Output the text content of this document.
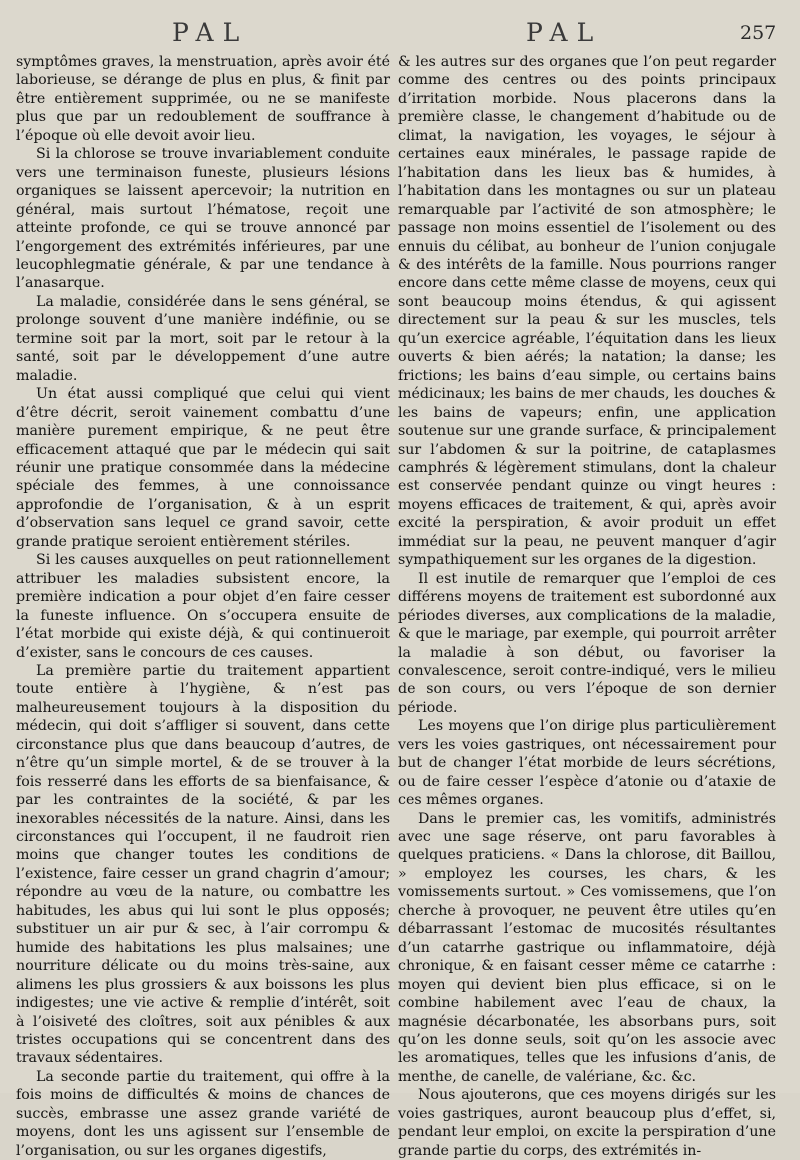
PAL	PAL	257

symptômes graves, la menstruation, après avoir été laborieuse, se dérange de plus en plus, & finit par être entièrement supprimée, ou ne se manifeste plus que par un redoublement de souffrance à l’époque où elle devoit avoir lieu.

Si la chlorose se trouve invariablement conduite vers une terminaison funeste, plusieurs lésions organiques se laissent apercevoir; la nutrition en général, mais surtout l’hématose, reçoit une atteinte profonde, ce qui se trouve annoncé par l’engorgement des extrémités inférieures, par une leucophlegmatie générale, & par une tendance à l’anasarque.

La maladie, considérée dans le sens général, se prolonge souvent d’une manière indéfinie, ou se termine soit par la mort, soit par le retour à la santé, soit par le développement d’une autre maladie.

Un état aussi compliqué que celui qui vient d’être décrit, seroit vainement combattu d’une manière purement empirique, & ne peut être efficacement attaqué que par le médecin qui sait réunir une pratique consommée dans la médecine spéciale des femmes, à une connoissance approfondie de l’organisation, & à un esprit d’observation sans lequel ce grand savoir, cette grande pratique seroient entièrement stériles.

Si les causes auxquelles on peut rationnellement attribuer les maladies subsistent encore, la première indication a pour objet d’en faire cesser la funeste influence. On s’occupera ensuite de l’état morbide qui existe déjà, & qui continueroit d’exister, sans le concours de ces causes.

La première partie du traitement appartient toute entière à l’hygiène, & n’est pas malheureusement toujours à la disposition du médecin, qui doit s’affliger si souvent, dans cette circonstance plus que dans beaucoup d’autres, de n’être qu’un simple mortel, & de se trouver à la fois resserré dans les efforts de sa bienfaisance, & par les contraintes de la société, & par les inexorables nécessités de la nature. Ainsi, dans les circonstances qui l’occupent, il ne faudroit rien moins que changer toutes les conditions de l’existence, faire cesser un grand chagrin d’amour; répondre au vœu de la nature, ou combattre les habitudes, les abus qui lui sont le plus opposés; substituer un air pur & sec, à l’air corrompu & humide des habitations les plus malsaines; une nourriture délicate ou du moins très-saine, aux alimens les plus grossiers & aux boissons les plus indigestes; une vie active & remplie d’intérêt, soit à l’oisiveté des cloîtres, soit aux pénibles & aux tristes occupations qui se concentrent dans des travaux sédentaires.

La seconde partie du traitement, qui offre à la fois moins de difficultés & moins de chances de succès, embrasse une assez grande variété de moyens, dont les uns agissent sur l’ensemble de l’organisation, ou sur les organes digestifs,

& les autres sur des organes que l’on peut regarder comme des centres ou des points principaux d’irritation morbide. Nous placerons dans la première classe, le changement d’habitude ou de climat, la navigation, les voyages, le séjour à certaines eaux minérales, le passage rapide de l’habitation dans les lieux bas & humides, à l’habitation dans les montagnes ou sur un plateau remarquable par l’activité de son atmosphère; le passage non moins essentiel de l’isolement ou des ennuis du célibat, au bonheur de l’union conjugale & des intérêts de la famille. Nous pourrions ranger encore dans cette même classe de moyens, ceux qui sont beaucoup moins étendus, & qui agissent directement sur la peau & sur les muscles, tels qu’un exercice agréable, l’équitation dans les lieux ouverts & bien aérés; la natation; la danse; les frictions; les bains d’eau simple, ou certains bains médicinaux; les bains de mer chauds, les douches & les bains de vapeurs; enfin, une application soutenue sur une grande surface, & principalement sur l’abdomen & sur la poitrine, de cataplasmes camphrés & légèrement stimulans, dont la chaleur est conservée pendant quinze ou vingt heures : moyens efficaces de traitement, & qui, après avoir excité la perspiration, & avoir produit un effet immédiat sur la peau, ne peuvent manquer d’agir sympathiquement sur les organes de la digestion.

Il est inutile de remarquer que l’emploi de ces différens moyens de traitement est subordonné aux périodes diverses, aux complications de la maladie, & que le mariage, par exemple, qui pourroit arrêter la maladie à son début, ou favoriser la convalescence, seroit contre-indiqué, vers le milieu de son cours, ou vers l’époque de son dernier période.

Les moyens que l’on dirige plus particulièrement vers les voies gastriques, ont nécessairement pour but de changer l’état morbide de leurs sécrétions, ou de faire cesser l’espèce d’atonie ou d’ataxie de ces mêmes organes.

Dans le premier cas, les vomitifs, administrés avec une sage réserve, ont paru favorables à quelques praticiens. « Dans la chlorose, dit Baillou, » employez les courses, les chars, & les vomissements surtout. » Ces vomissemens, que l’on cherche à provoquer, ne peuvent être utiles qu’en débarrassant l’estomac de mucosités résultantes d’un catarrhe gastrique ou inflammatoire, déjà chronique, & en faisant cesser même ce catarrhe : moyen qui devient bien plus efficace, si on le combine habilement avec l’eau de chaux, la magnésie décarbonatée, les absorbans purs, soit qu’on les donne seuls, soit qu’on les associe avec les aromatiques, telles que les infusions d’anis, de menthe, de canelle, de valériane, &c. &c.

Nous ajouterons, que ces moyens dirigés sur les voies gastriques, auront beaucoup plus d’effet, si, pendant leur emploi, on excite la perspiration d’une grande partie du corps, des extrémités in-
